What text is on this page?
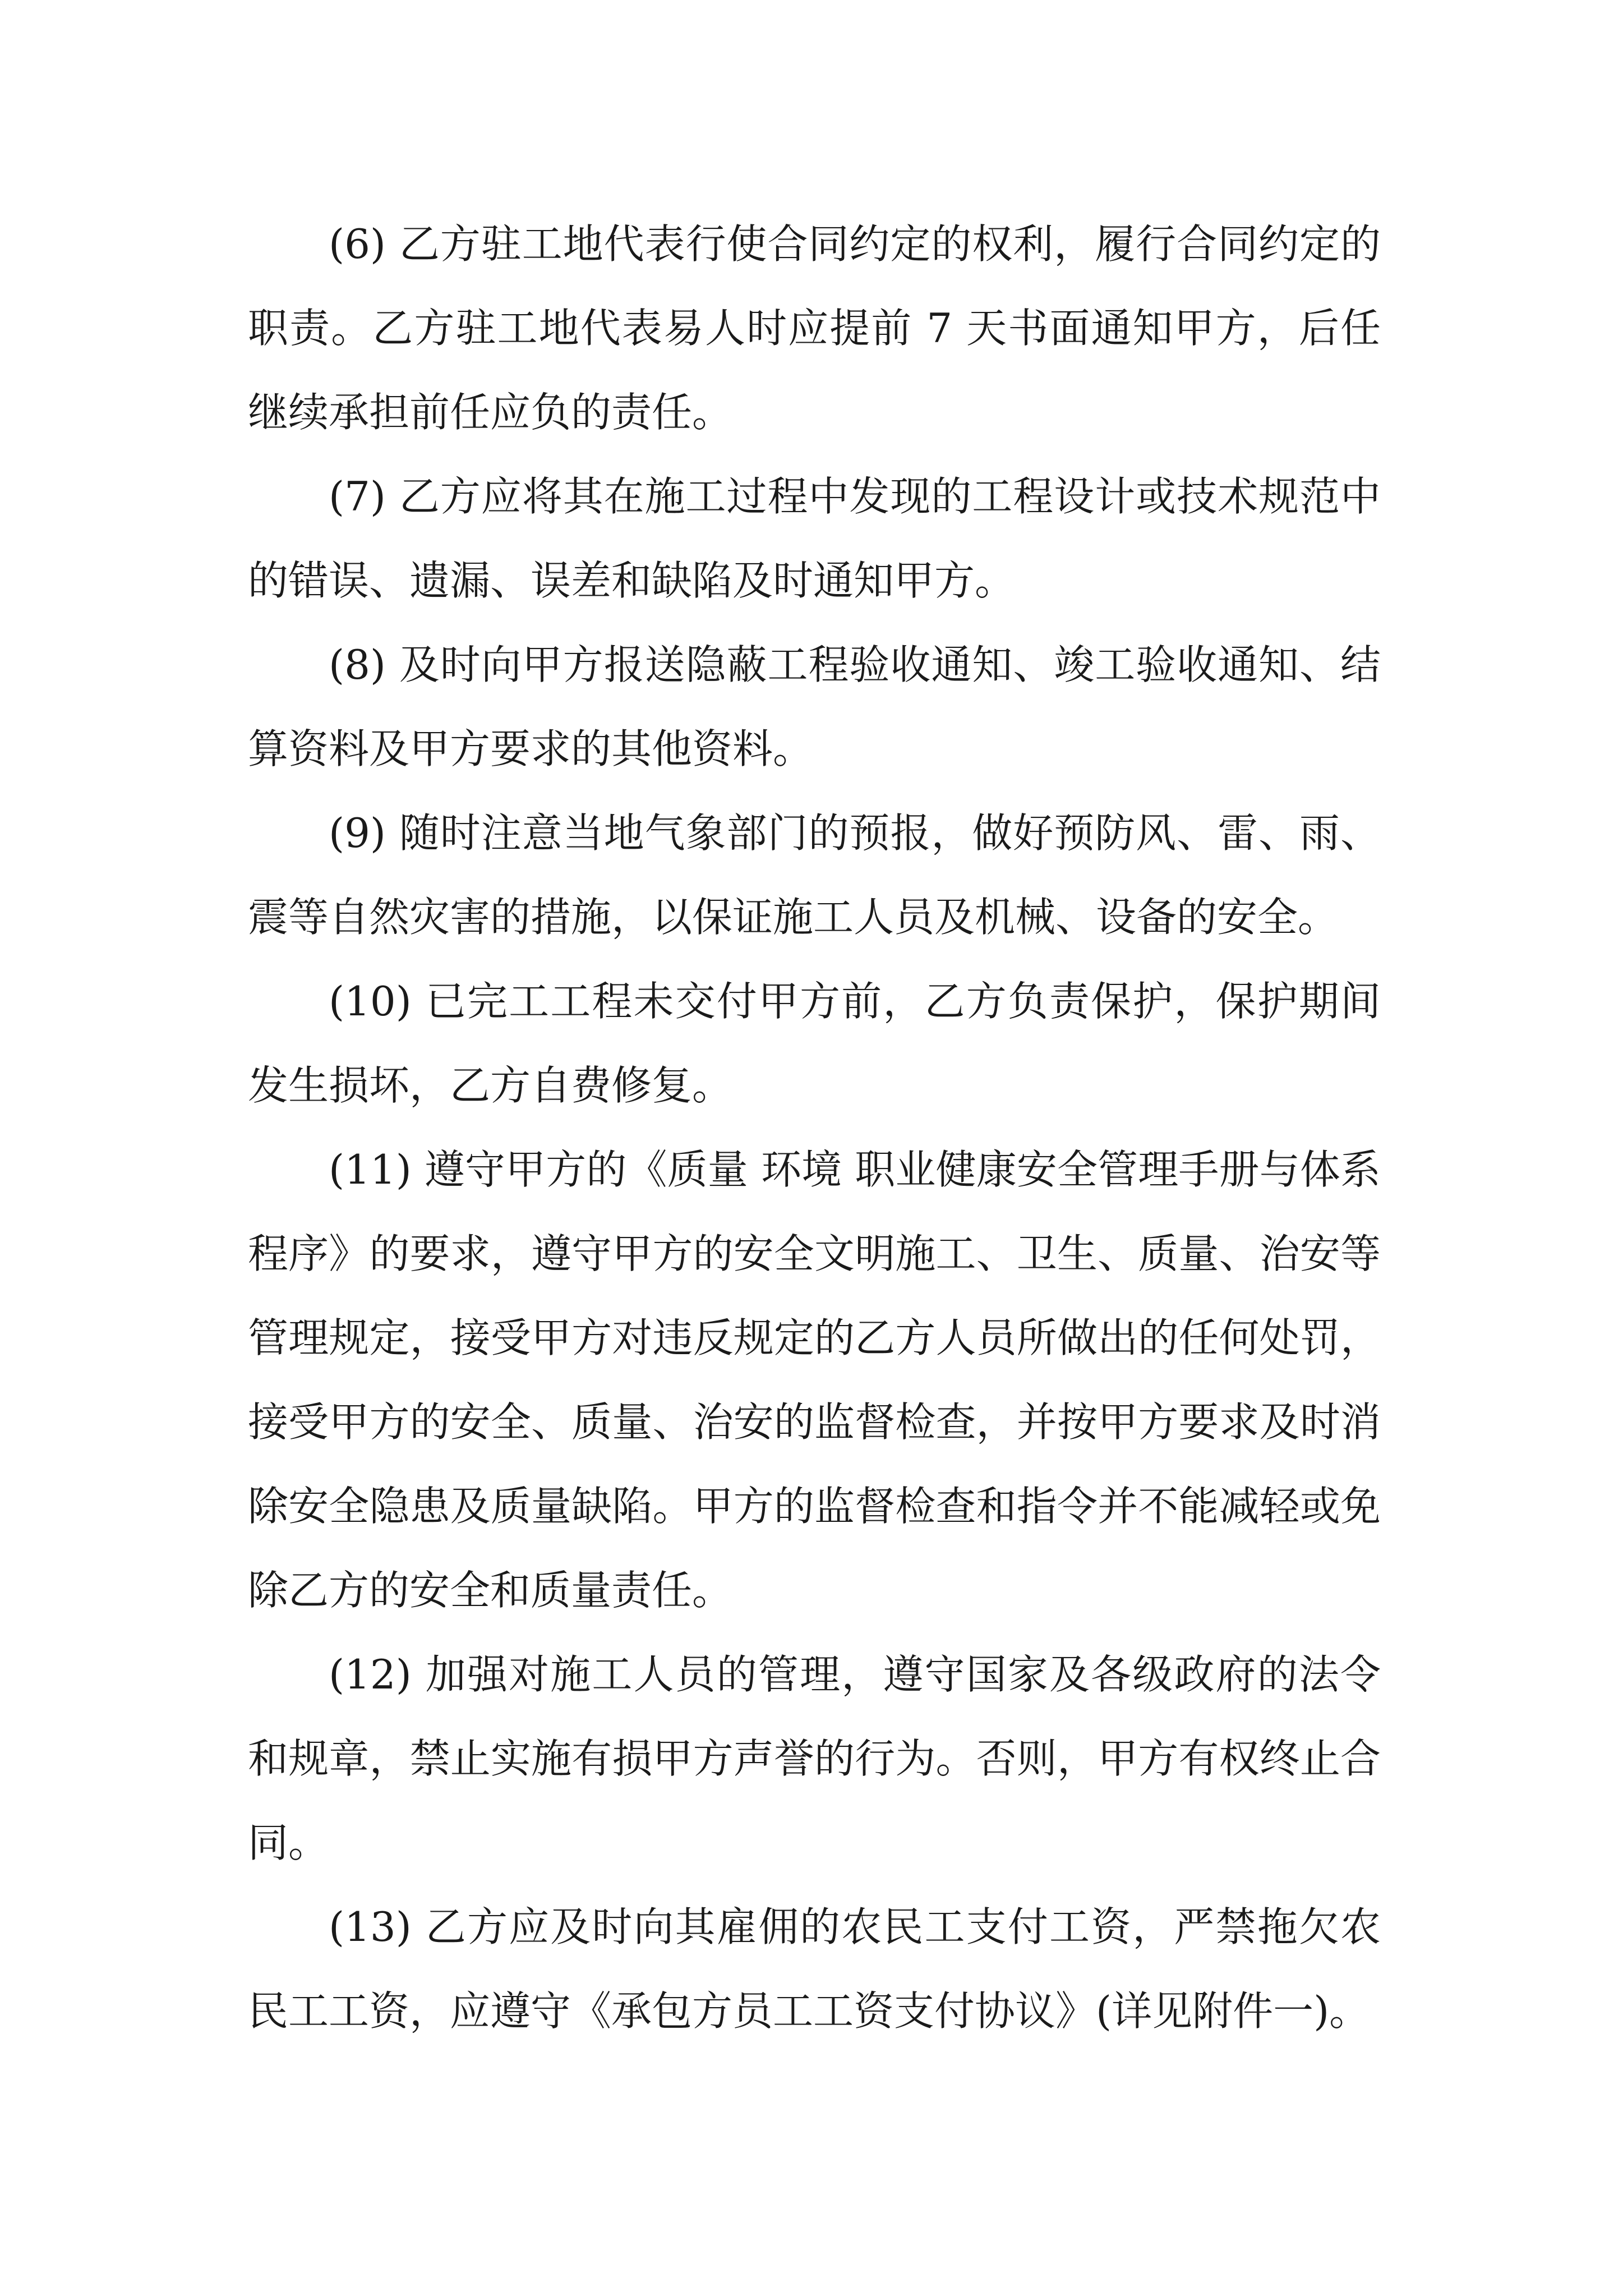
(6) 乙方驻工地代表行使合同约定的权利，履行合同约定的职责。乙方驻工地代表易人时应提前 7 天书面通知甲方，后任继续承担前任应负的责任。

(7) 乙方应将其在施工过程中发现的工程设计或技术规范中的错误、遗漏、误差和缺陷及时通知甲方。

(8) 及时向甲方报送隐蔽工程验收通知、竣工验收通知、结算资料及甲方要求的其他资料。

(9) 随时注意当地气象部门的预报，做好预防风、雷、雨、震等自然灾害的措施，以保证施工人员及机械、设备的安全。

(10) 已完工工程未交付甲方前，乙方负责保护，保护期间发生损坏，乙方自费修复。

(11) 遵守甲方的《质量 环境 职业健康安全管理手册与体系程序》的要求，遵守甲方的安全文明施工、卫生、质量、治安等管理规定，接受甲方对违反规定的乙方人员所做出的任何处罚，接受甲方的安全、质量、治安的监督检查，并按甲方要求及时消除安全隐患及质量缺陷。甲方的监督检查和指令并不能减轻或免除乙方的安全和质量责任。

(12) 加强对施工人员的管理，遵守国家及各级政府的法令和规章，禁止实施有损甲方声誉的行为。否则，甲方有权终止合同。

(13) 乙方应及时向其雇佣的农民工支付工资，严禁拖欠农民工工资，应遵守《承包方员工工资支付协议》(详见附件一)。
